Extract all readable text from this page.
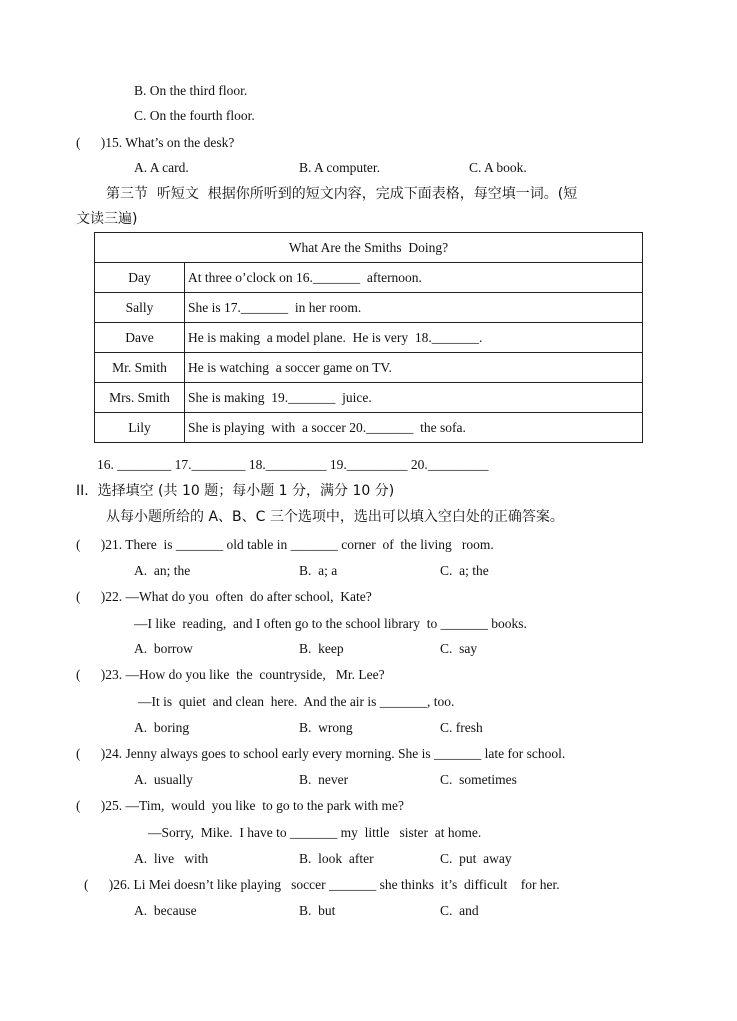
B. On the third floor.
C. On the fourth floor.
(      )15. What’s on the desk?
A. A card.	B. A computer.	C. A book.
第三节  听短文  根据你所听到的短文内容，完成下面表格，每空填一词。(短
文读三遍)
What Are the Smiths  Doing?	
Day	At three o’clock on 16._______  afternoon.
Sally	She is 17._______  in her room.
Dave	He is making  a model plane.  He is very  18._______.
Mr. Smith	He is watching  a soccer game on TV.
Mrs. Smith	She is making  19._______  juice.
Lily	She is playing  with  a soccer 20._______  the sofa.
16. ________ 17.________ 18._________ 19._________ 20._________
II.  选择填空 (共 10 题；每小题 1 分，满分 10 分)
从每小题所给的 A、B、C 三个选项中，选出可以填入空白处的正确答案。
(      )21. There  is _______ old table in _______ corner  of  the living   room.
A.  an; the	B.  a; a	C.  a; the
(      )22. —What do you  often  do after school,  Kate?
—I like  reading,  and I often go to the school library  to _______ books.
A.  borrow	B.  keep	C.  say
(      )23. —How do you like  the  countryside,   Mr. Lee?
—It is  quiet  and clean  here.  And the air is _______, too.
A.  boring	B.  wrong	C. fresh
(      )24. Jenny always goes to school early every morning. She is _______ late for school.
A.  usually	B.  never	C.  sometimes
(      )25. —Tim,  would  you like  to go to the park with me?
—Sorry,  Mike.  I have to _______ my  little   sister  at home.
A.  live   with	B.  look  after	C.  put  away
(      )26. Li Mei doesn’t like playing   soccer _______ she thinks  it’s  difficult    for her.
A.  because	B.  but	C.  and
